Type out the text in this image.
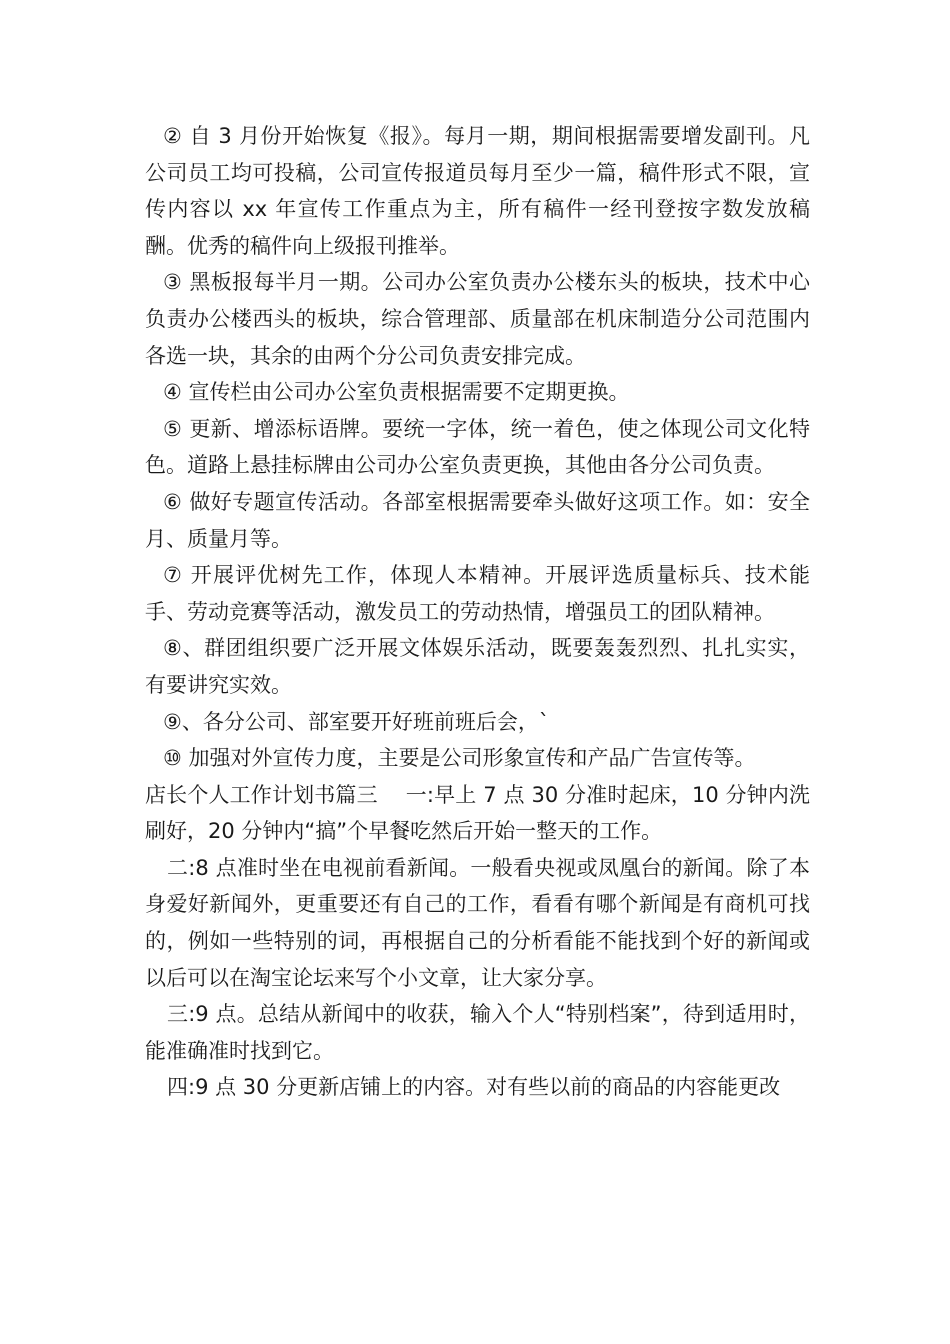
② 自 3 月份开始恢复《报》。每月一期，期间根据需要增发副刊。凡公司员工均可投稿，公司宣传报道员每月至少一篇，稿件形式不限，宣传内容以 xx 年宣传工作重点为主，所有稿件一经刊登按字数发放稿酬。优秀的稿件向上级报刊推举。

③ 黑板报每半月一期。公司办公室负责办公楼东头的板块，技术中心负责办公楼西头的板块，综合管理部、质量部在机床制造分公司范围内各选一块，其余的由两个分公司负责安排完成。

④ 宣传栏由公司办公室负责根据需要不定期更换。

⑤ 更新、增添标语牌。要统一字体，统一着色，使之体现公司文化特色。道路上悬挂标牌由公司办公室负责更换，其他由各分公司负责。

⑥ 做好专题宣传活动。各部室根据需要牵头做好这项工作。如：安全月、质量月等。

⑦ 开展评优树先工作，体现人本精神。开展评选质量标兵、技术能手、劳动竞赛等活动，激发员工的劳动热情，增强员工的团队精神。

⑧、群团组织要广泛开展文体娱乐活动，既要轰轰烈烈、扎扎实实，有要讲究实效。

⑨、各分公司、部室要开好班前班后会，`

⑩ 加强对外宣传力度，主要是公司形象宣传和产品广告宣传等。

店长个人工作计划书篇三　 一:早上 7 点 30 分准时起床，10 分钟内洗刷好，20 分钟内“搞”个早餐吃然后开始一整天的工作。

二:8 点准时坐在电视前看新闻。一般看央视或凤凰台的新闻。除了本身爱好新闻外，更重要还有自己的工作，看看有哪个新闻是有商机可找的，例如一些特别的词，再根据自己的分析看能不能找到个好的新闻或以后可以在淘宝论坛来写个小文章，让大家分享。

三:9 点。总结从新闻中的收获，输入个人“特别档案”，待到适用时，能准确准时找到它。

四:9 点 30 分更新店铺上的内容。对有些以前的商品的内容能更改
